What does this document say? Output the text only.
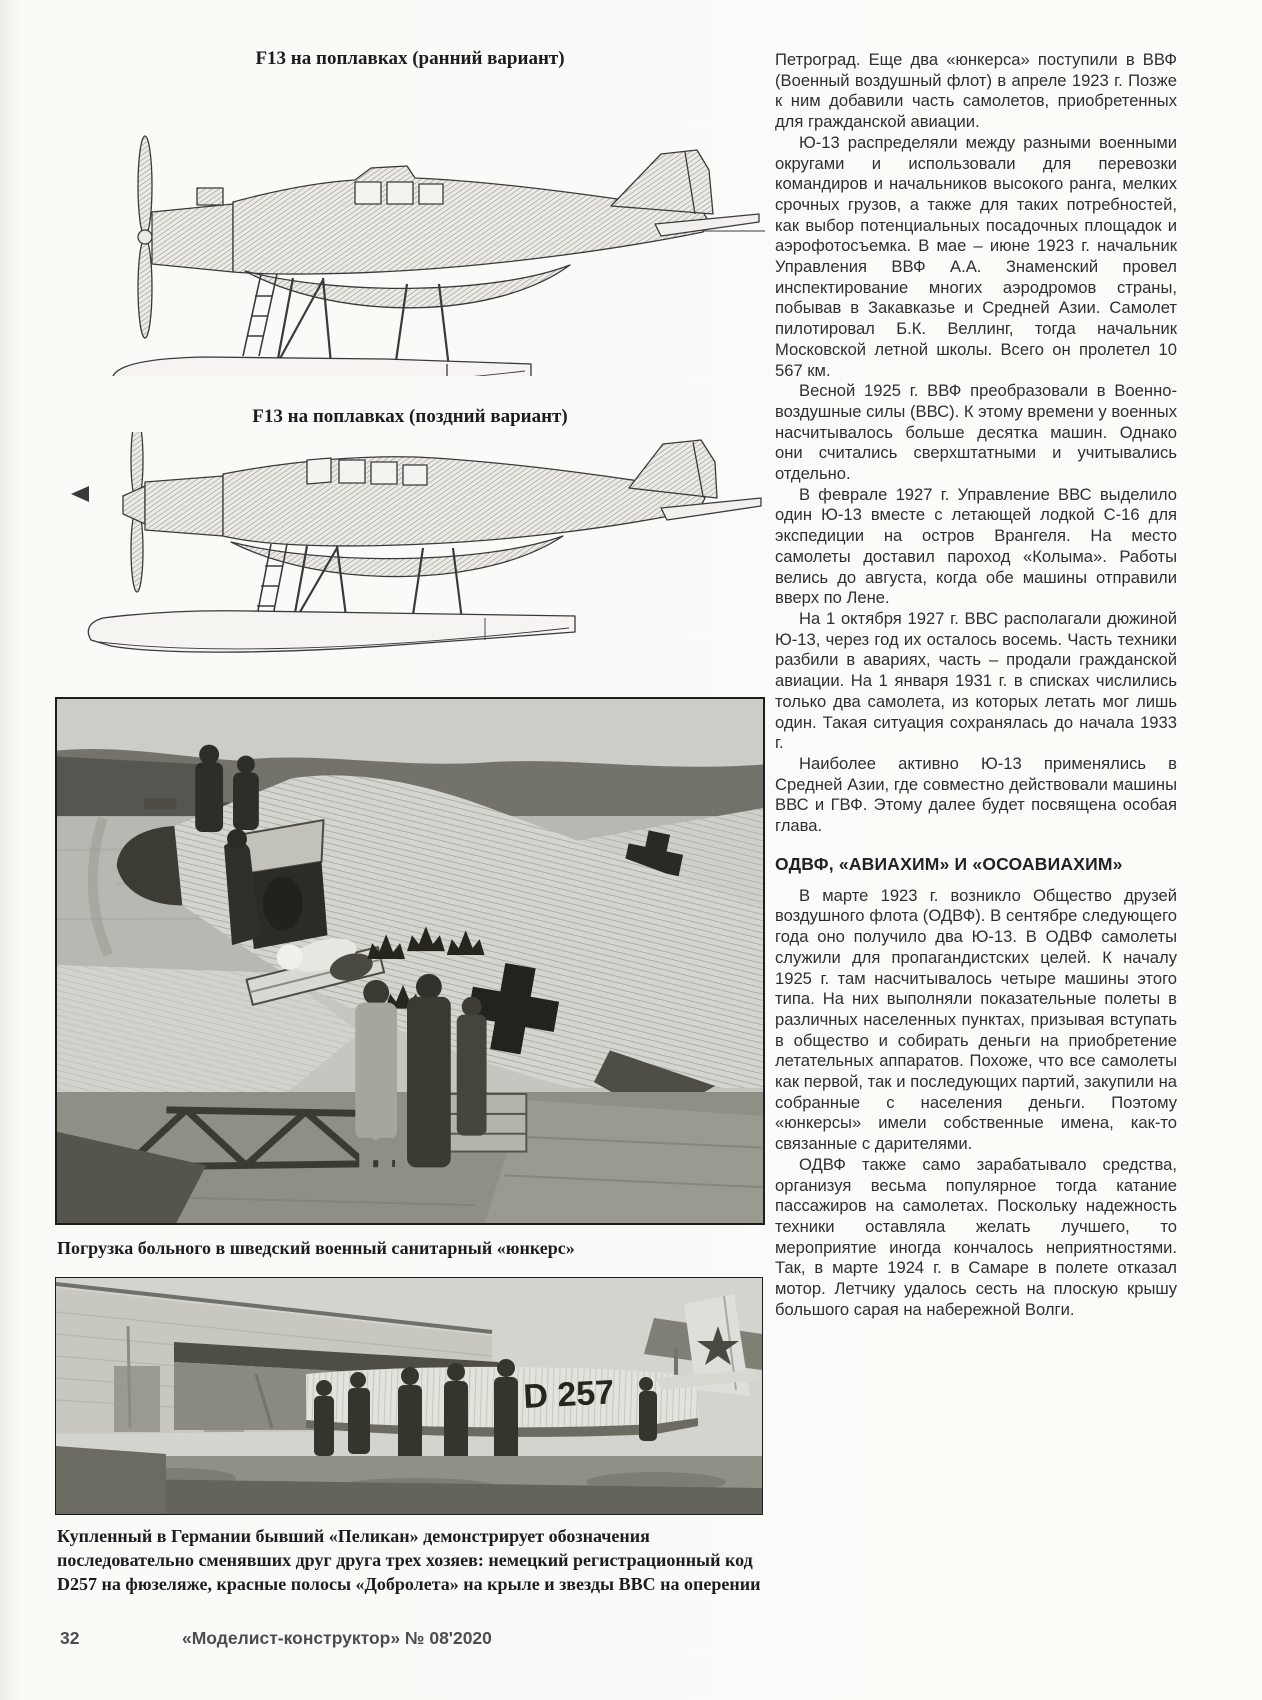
F13 на поплавках (ранний вариант)
F13 на поплавках (поздний вариант)
Погрузка больного в шведский военный санитарный «юнкерс»
D 257
Купленный в Германии бывший «Пеликан» демонстрирует обозначения последовательно сменявших друг друга трех хозяев: немецкий регистрационный код D257 на фюзеляже, красные полосы «Добролета» на крыле и звезды ВВС на оперении

Петроград. Еще два «юнкерса» поступили в ВВФ (Военный воздушный флот) в апреле 1923 г. Позже к ним добавили часть самолетов, приобретенных для гражданской авиации.

Ю-13 распределяли между разными военными округами и использовали для перевозки командиров и начальников высокого ранга, мелких срочных грузов, а также для таких потребностей, как выбор потенциальных посадочных площадок и аэрофотосъемка. В мае – июне 1923 г. начальник Управления ВВФ А.А. Знаменский провел инспектирование многих аэродромов страны, побывав в Закавказье и Средней Азии. Самолет пилотировал Б.К. Веллинг, тогда начальник Московской летной школы. Всего он пролетел 10 567 км.

Весной 1925 г. ВВФ преобразовали в Военно-воздушные силы (ВВС). К этому времени у военных насчитывалось больше десятка машин. Однако они считались сверхштатными и учитывались отдельно.

В феврале 1927 г. Управление ВВС выделило один Ю-13 вместе с летающей лодкой С-16 для экспедиции на остров Врангеля. На место самолеты доставил пароход «Колыма». Работы велись до августа, когда обе машины отправили вверх по Лене.

На 1 октября 1927 г. ВВС располагали дюжиной Ю-13, через год их осталось восемь. Часть техники разбили в авариях, часть – продали гражданской авиации. На 1 января 1931 г. в списках числились только два самолета, из которых летать мог лишь один. Такая ситуация сохранялась до начала 1933 г.

Наиболее активно Ю-13 применялись в Средней Азии, где совместно действовали машины ВВС и ГВФ. Этому далее будет посвящена особая глава.

ОДВФ, «АВИАХИМ» И «ОСОАВИАХИМ»

В марте 1923 г. возникло Общество друзей воздушного флота (ОДВФ). В сентябре следующего года оно получило два Ю-13. В ОДВФ самолеты служили для пропагандистских целей. К началу 1925 г. там насчитывалось четыре машины этого типа. На них выполняли показательные полеты в различных населенных пунктах, призывая вступать в общество и собирать деньги на приобретение летательных аппаратов. Похоже, что все самолеты как первой, так и последующих партий, закупили на собранные с населения деньги. Поэтому «юнкерсы» имели собственные имена, как-то связанные с дарителями.

ОДВФ также само зарабатывало средства, организуя весьма популярное тогда катание пассажиров на самолетах. Поскольку надежность техники оставляла желать лучшего, то мероприятие иногда кончалось неприятностями. Так, в марте 1924 г. в Самаре в полете отказал мотор. Летчику удалось сесть на плоскую крышу большого сарая на набережной Волги.

32	«Моделист-конструктор» № 08'2020
